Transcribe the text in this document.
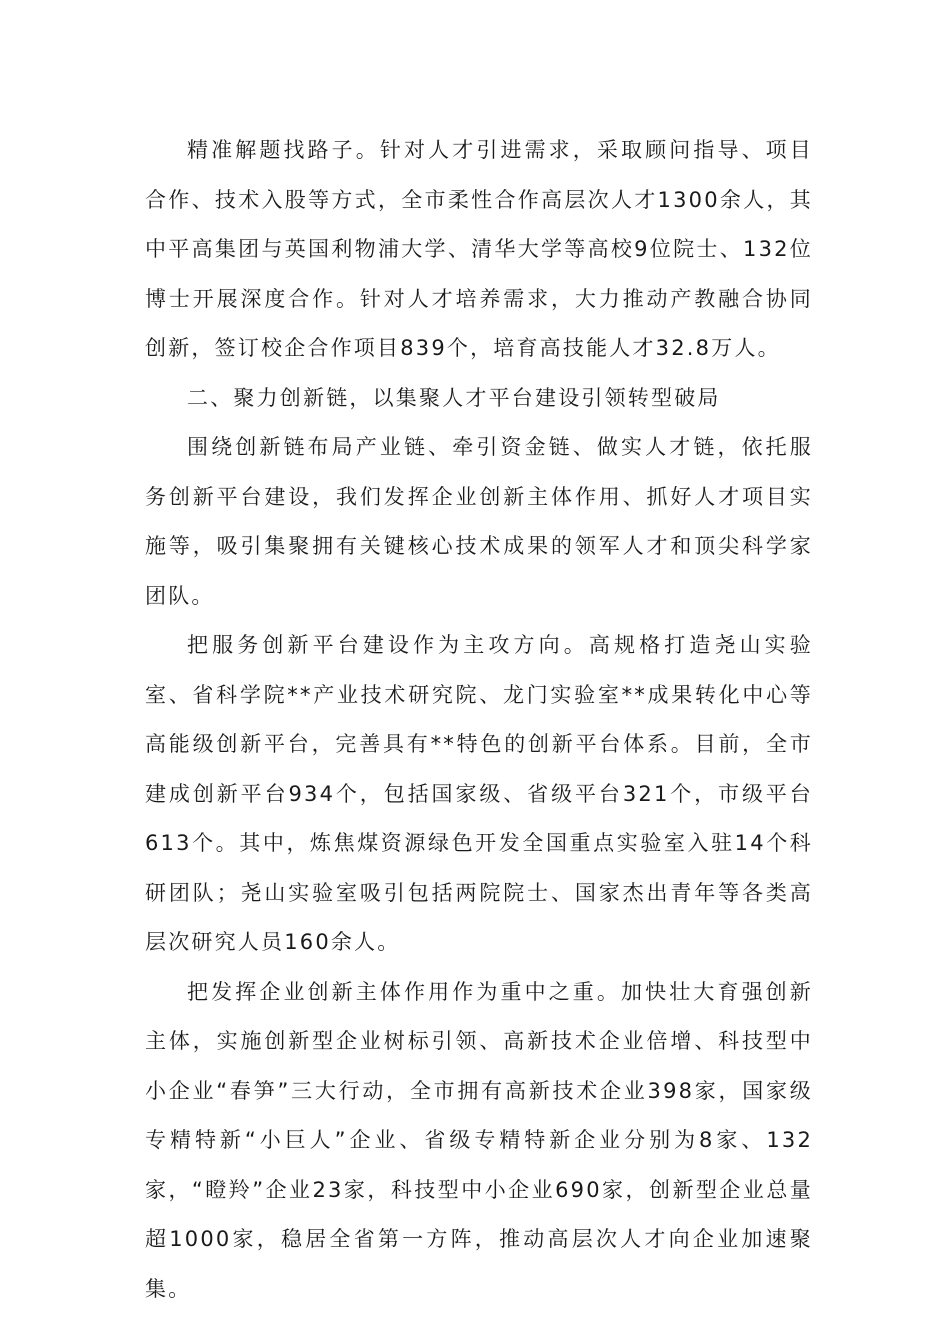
精准解题找路子。针对人才引进需求，采取顾问指导、项目合作、技术入股等方式，全市柔性合作高层次人才1300余人，其中平高集团与英国利物浦大学、清华大学等高校9位院士、132位博士开展深度合作。针对人才培养需求，大力推动产教融合协同创新，签订校企合作项目839个，培育高技能人才32.8万人。

二、聚力创新链，以集聚人才平台建设引领转型破局

围绕创新链布局产业链、牵引资金链、做实人才链，依托服务创新平台建设，我们发挥企业创新主体作用、抓好人才项目实施等，吸引集聚拥有关键核心技术成果的领军人才和顶尖科学家团队。

把服务创新平台建设作为主攻方向。高规格打造尧山实验室、省科学院**产业技术研究院、龙门实验室**成果转化中心等高能级创新平台，完善具有**特色的创新平台体系。目前，全市建成创新平台934个，包括国家级、省级平台321个，市级平台613个。其中，炼焦煤资源绿色开发全国重点实验室入驻14个科研团队；尧山实验室吸引包括两院院士、国家杰出青年等各类高层次研究人员160余人。

把发挥企业创新主体作用作为重中之重。加快壮大育强创新主体，实施创新型企业树标引领、高新技术企业倍增、科技型中小企业“春笋”三大行动，全市拥有高新技术企业398家，国家级专精特新“小巨人”企业、省级专精特新企业分别为8家、132家，“瞪羚”企业23家，科技型中小企业690家，创新型企业总量超1000家，稳居全省第一方阵，推动高层次人才向企业加速聚集。
